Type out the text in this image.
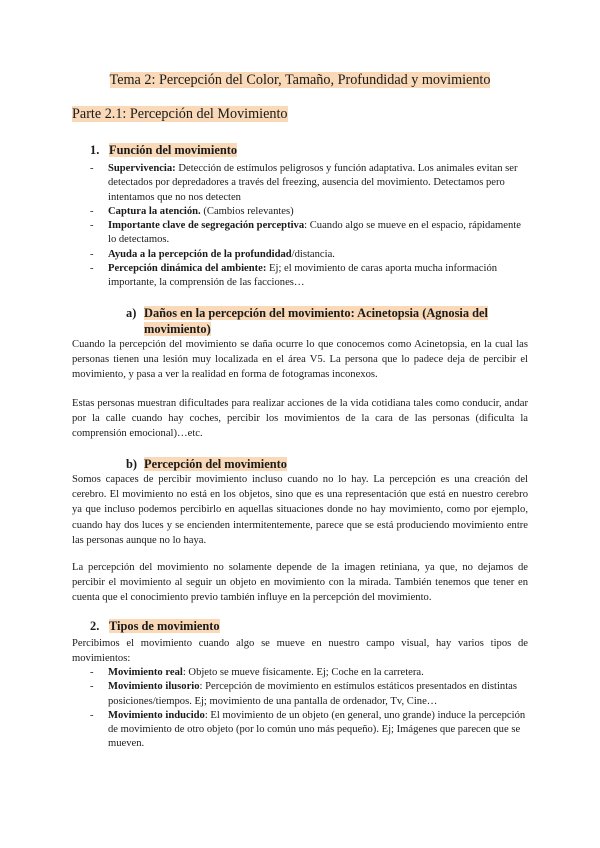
Tema 2: Percepción del Color, Tamaño, Profundidad y movimiento
Parte 2.1: Percepción del Movimiento
1. Función del movimiento
- Supervivencia: Detección de estímulos peligrosos y función adaptativa. Los animales evitan ser detectados por depredadores a través del freezing, ausencia del movimiento. Detectamos pero intentamos que no nos detecten
- Captura la atención. (Cambios relevantes)
- Importante clave de segregación perceptiva: Cuando algo se mueve en el espacio, rápidamente lo detectamos.
- Ayuda a la percepción de la profundidad/distancia.
- Percepción dinámica del ambiente: Ej; el movimiento de caras aporta mucha información importante, la comprensión de las facciones…
a) Daños en la percepción del movimiento: Acinetopsia (Agnosia del
movimiento)

Cuando la percepción del movimiento se daña ocurre lo que conocemos como Acinetopsia, en la cual las personas tienen una lesión muy localizada en el área V5. La persona que lo padece deja de percibir el movimiento, y pasa a ver la realidad en forma de fotogramas inconexos.

Estas personas muestran dificultades para realizar acciones de la vida cotidiana tales como conducir, andar por la calle cuando hay coches, percibir los movimientos de la cara de las personas (dificulta la comprensión emocional)…etc.

b) Percepción del movimiento

Somos capaces de percibir movimiento incluso cuando no lo hay. La percepción es una creación del cerebro. El movimiento no está en los objetos, sino que es una representación que está en nuestro cerebro ya que incluso podemos percibirlo en aquellas situaciones donde no hay movimiento, como por ejemplo, cuando hay dos luces y se encienden intermitentemente, parece que se está produciendo movimiento entre las personas aunque no lo haya.

La percepción del movimiento no solamente depende de la imagen retiniana, ya que, no dejamos de percibir el movimiento al seguir un objeto en movimiento con la mirada. También tenemos que tener en cuenta que el conocimiento previo también influye en la percepción del movimiento.

2. Tipos de movimiento

Percibimos el movimiento cuando algo se mueve en nuestro campo visual, hay varios tipos de movimientos:

- Movimiento real: Objeto se mueve físicamente. Ej; Coche en la carretera.
- Movimiento ilusorio: Percepción de movimiento en estímulos estáticos presentados en distintas posiciones/tiempos. Ej; movimiento de una pantalla de ordenador, Tv, Cine…
- Movimiento inducido: El movimiento de un objeto (en general, uno grande) induce la percepción de movimiento de otro objeto (por lo común uno más pequeño). Ej; Imágenes que parecen que se mueven.
